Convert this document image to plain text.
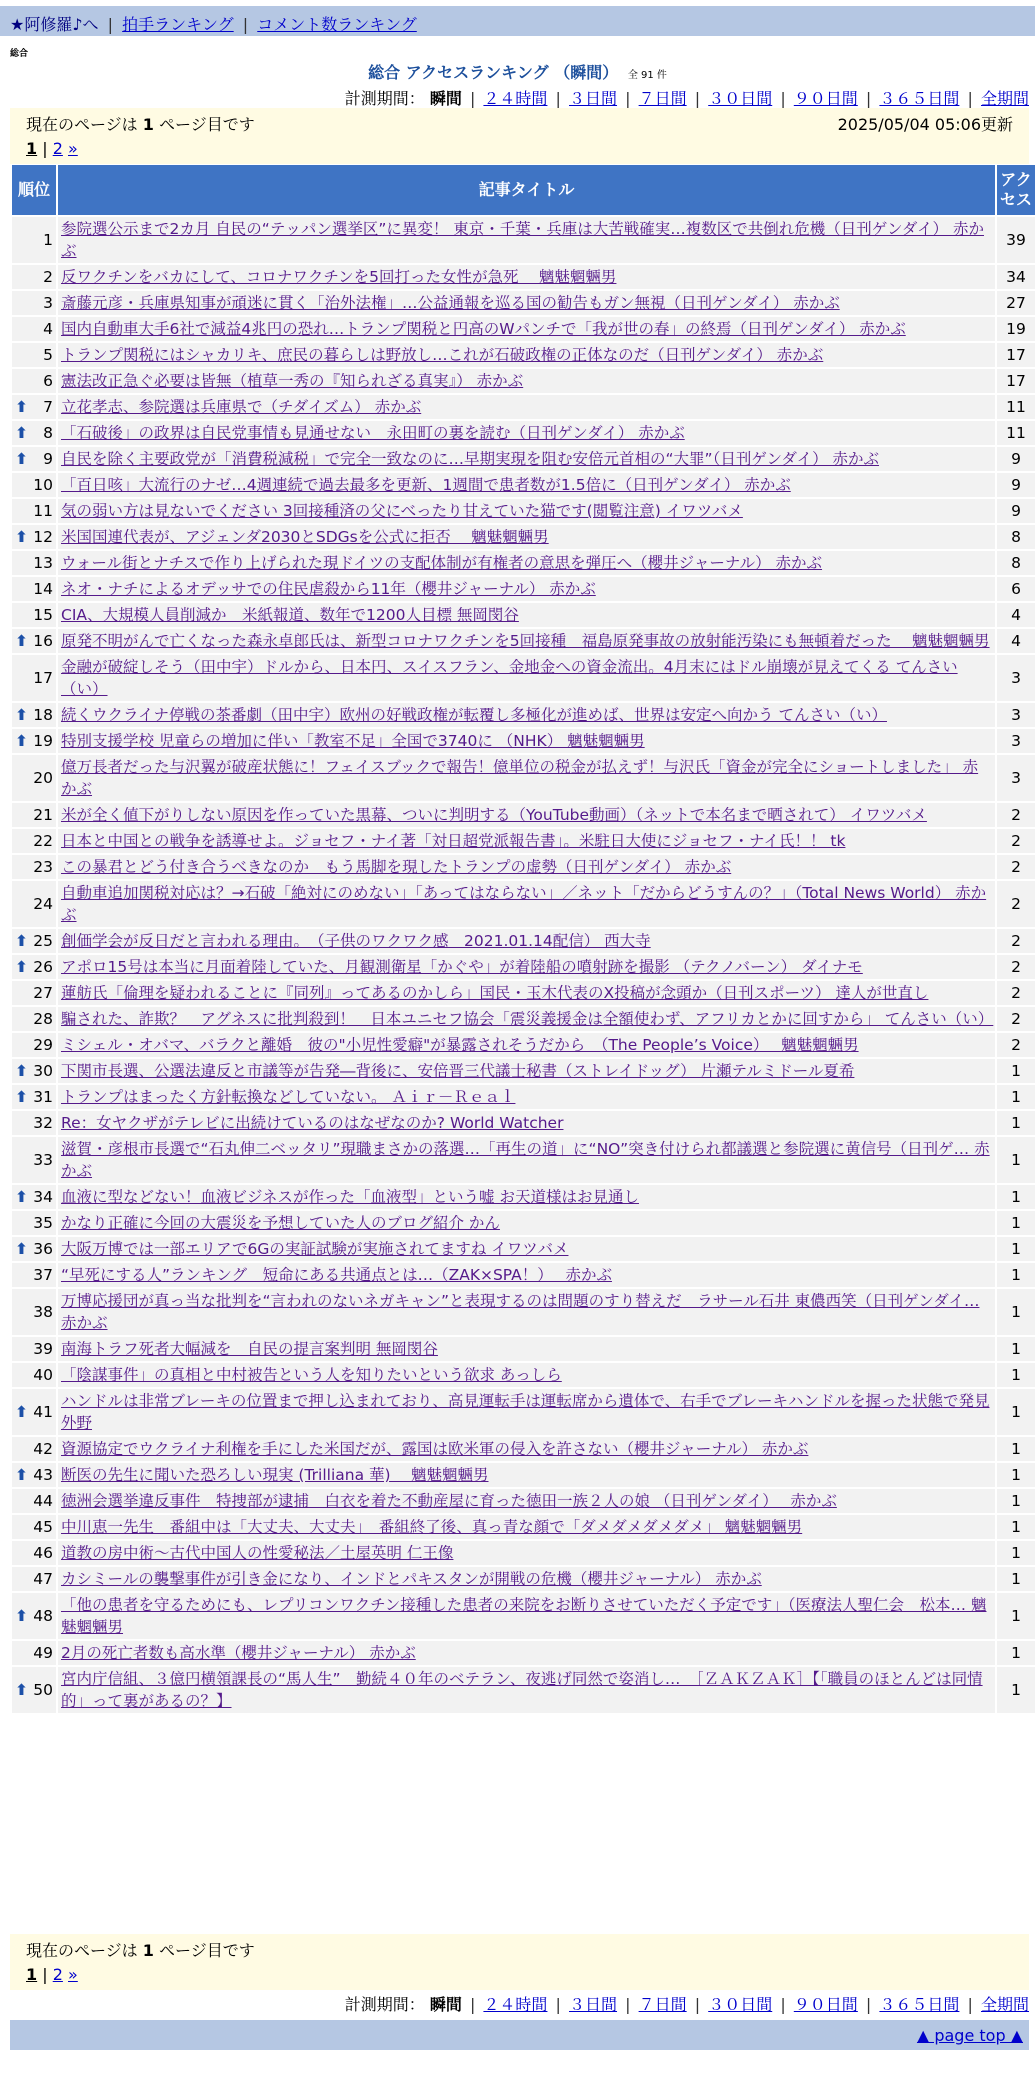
★阿修羅♪へ | 拍手ランキング | コメント数ランキング
総合
総合 アクセスランキング （瞬間） 全 91 件
計測期間： 瞬間 | ２４時間 | ３日間 | ７日間 | ３０日間 | ９０日間 | ３６５日間 | 全期間
現在のページは 1 ページ目です	2025/05/04 05:06更新
1 | 2 »
順位	記事タイトル	アクセス
1	参院選公示まで2カ月 自民の“テッパン選挙区”に異変！ 東京・千葉・兵庫は大苦戦確実…複数区で共倒れ危機（日刊ゲンダイ） 赤かぶ	39
2	反ワクチンをバカにして、コロナワクチンを5回打った女性が急死　 魑魅魍魎男	34
3	斎藤元彦・兵庫県知事が頑迷に貫く「治外法権」…公益通報を巡る国の勧告もガン無視（日刊ゲンダイ） 赤かぶ	27
4	国内自動車大手6社で減益4兆円の恐れ…トランプ関税と円高のWパンチで「我が世の春」の終焉（日刊ゲンダイ） 赤かぶ	19
5	トランプ関税にはシャカリキ、庶民の暮らしは野放し…これが石破政権の正体なのだ（日刊ゲンダイ） 赤かぶ	17
6	憲法改正急ぐ必要は皆無（植草一秀の『知られざる真実』） 赤かぶ	17

⬆ 7	立花孝志、参院選は兵庫県で（チダイズム） 赤かぶ	11

⬆ 8	「石破後」の政界は自民党事情も見通せない　永田町の裏を読む（日刊ゲンダイ） 赤かぶ	11

⬆ 9	自民を除く主要政党が「消費税減税」で完全一致なのに…早期実現を阻む安倍元首相の“大罪”（日刊ゲンダイ） 赤かぶ	9
10	「百日咳」大流行のナゼ…4週連続で過去最多を更新、1週間で患者数が1.5倍に（日刊ゲンダイ） 赤かぶ	9
11	気の弱い方は見ないでください 3回接種済の父にべったり甘えていた猫です(閲覧注意) イワツバメ	9

⬆ 12	米国国連代表が、アジェンダ2030とSDGsを公式に拒否　 魑魅魍魎男	8
13	ウォール街とナチスで作り上げられた現ドイツの支配体制が有権者の意思を弾圧へ（櫻井ジャーナル） 赤かぶ	8
14	ネオ・ナチによるオデッサでの住民虐殺から11年（櫻井ジャーナル） 赤かぶ	6
15	CIA、大規模人員削減か　米紙報道、数年で1200人目標 無岡閔谷	4

⬆ 16	原発不明がんで亡くなった森永卓郎氏は、新型コロナワクチンを5回接種　福島原発事故の放射能汚染にも無頓着だった　 魑魅魍魎男	4
17	金融が破綻しそう（田中宇）ドルから、日本円、スイスフラン、金地金への資金流出。4月末にはドル崩壊が見えてくる てんさい（い）	3

⬆ 18	続くウクライナ停戦の茶番劇（田中宇）欧州の好戦政権が転覆し多極化が進めば、世界は安定へ向かう てんさい（い）	3

⬆ 19	特別支援学校 児童らの増加に伴い「教室不足」全国で3740に （NHK） 魑魅魍魎男	3
20	億万長者だった与沢翼が破産状態に！フェイスブックで報告！億単位の税金が払えず！与沢氏「資金が完全にショートしました」 赤かぶ	3
21	米が全く値下がりしない原因を作っていた黒幕、ついに判明する（YouTube動画）（ネットで本名まで晒されて） イワツバメ	2
22	日本と中国との戦争を誘導せよ。ジョセフ・ナイ著「対日超党派報告書」。米駐日大使にジョセフ・ナイ氏！！ tk	2
23	この暴君とどう付き合うべきなのか　もう馬脚を現したトランプの虚勢（日刊ゲンダイ） 赤かぶ	2
24	自動車追加関税対応は？→石破「絶対にのめない」「あってはならない」／ネット「だからどうすんの？」（Total News World） 赤かぶ	2

⬆ 25	創価学会が反日だと言われる理由。　（子供のワクワク感　2021.01.14配信） 西大寺	2

⬆ 26	アポロ15号は本当に月面着陸していた、月観測衛星「かぐや」が着陸船の噴射跡を撮影 （テクノバーン） ダイナモ	2
27	蓮舫氏「倫理を疑われることに『同列』ってあるのかしら」国民・玉木代表のX投稿が念頭か（日刊スポーツ） 達人が世直し	2
28	騙された、詐欺？　アグネスに批判殺到！　日本ユニセフ協会「震災義援金は全額使わず、アフリカとかに回すから」 てんさい（い）	2
29	ミシェル・オバマ、バラクと離婚　彼の"小児性愛癖"が暴露されそうだから　（The People’s Voice）　 魑魅魍魎男	2

⬆ 30	下関市長選、公選法違反と市議等が告発―背後に、安倍晋三代議士秘書（ストレイドッグ） 片瀬テルミドール夏希	1

⬆ 31	トランプはまったく方針転換などしていない。 Ａｉｒ－Ｒｅａｌ	1
32	Re：女ヤクザがテレビに出続けているのはなぜなのか? World Watcher	1
33	滋賀・彦根市長選で“石丸伸二ベッタリ”現職まさかの落選…「再生の道」に“NO”突き付けられ都議選と参院選に黄信号（日刊ゲ… 赤かぶ	1

⬆ 34	血液に型などない！血液ビジネスが作った「血液型」という嘘 お天道様はお見通し	1
35	かなり正確に今回の大震災を予想していた人のブログ紹介 かん	1

⬆ 36	大阪万博では一部エリアで6Gの実証試験が実施されてますね イワツバメ	1
37	“早死にする人”ランキング　短命にある共通点とは…（ZAK×SPA！）　 赤かぶ	1
38	万博応援団が真っ当な批判を“言われのないネガキャン”と表現するのは問題のすり替えだ　ラサール石井 東儂西笑（日刊ゲンダイ… 赤かぶ	1
39	南海トラフ死者大幅減を　自民の提言案判明 無岡閔谷	1
40	「陰謀事件」の真相と中村被告という人を知りたいという欲求 あっしら	1

⬆ 41	ハンドルは非常ブレーキの位置まで押し込まれており、高見運転手は運転席から遺体で、右手でブレーキハンドルを握った状態で発見 外野	1
42	資源協定でウクライナ利権を手にした米国だが、露国は欧米軍の侵入を許さない（櫻井ジャーナル） 赤かぶ	1

⬆ 43	断医の先生に聞いた恐ろしい現実 (Trilliana 華)　 魑魅魍魎男	1
44	徳洲会選挙違反事件　特捜部が逮捕　白衣を着た不動産屋に育った徳田一族２人の娘 （日刊ゲンダイ）　 赤かぶ	1
45	中川恵一先生　番組中は「大丈夫、大丈夫」　番組終了後、真っ青な顔で「ダメダメダメダメ」 魑魅魍魎男	1
46	道教の房中術〜古代中国人の性愛秘法／土屋英明 仁王像	1
47	カシミールの襲撃事件が引き金になり、インドとパキスタンが開戦の危機（櫻井ジャーナル） 赤かぶ	1

⬆ 48	「他の患者を守るためにも、レプリコンワクチン接種した患者の来院をお断りさせていただく予定です」（医療法人聖仁会　松本… 魑魅魍魎男	1
49	2月の死亡者数も高水準（櫻井ジャーナル） 赤かぶ	1

⬆ 50	宮内庁信組、３億円横領課長の“馬人生”　勤続４０年のベテラン、夜逃げ同然で姿消し…　［ＺＡＫＺＡＫ］【「職員のほとんどは同情的」って裏があるの？】	1
現在のページは 1 ページ目です
1 | 2 »
計測期間： 瞬間 | ２４時間 | ３日間 | ７日間 | ３０日間 | ９０日間 | ３６５日間 | 全期間
▲ page top ▲
